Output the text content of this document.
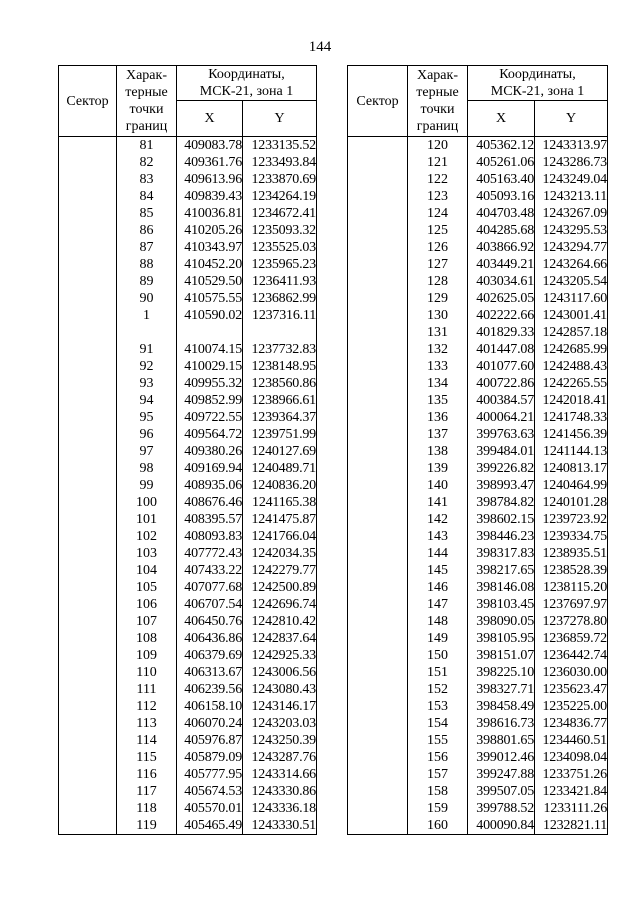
144
Сектор	Харак-
терные
точки
границ	Координаты,
МСК-21, зона 1	
		X	Y
	81	409083.78	1233135.52
	82	409361.76	1233493.84
	83	409613.96	1233870.69
	84	409839.43	1234264.19
	85	410036.81	1234672.41
	86	410205.26	1235093.32
	87	410343.97	1235525.03
	88	410452.20	1235965.23
	89	410529.50	1236411.93
	90	410575.55	1236862.99
	1	410590.02	1237316.11

	91	410074.15	1237732.83
	92	410029.15	1238148.95
	93	409955.32	1238560.86
	94	409852.99	1238966.61
	95	409722.55	1239364.37
	96	409564.72	1239751.99
	97	409380.26	1240127.69
	98	409169.94	1240489.71
	99	408935.06	1240836.20
	100	408676.46	1241165.38
	101	408395.57	1241475.87
	102	408093.83	1241766.04
	103	407772.43	1242034.35
	104	407433.22	1242279.77
	105	407077.68	1242500.89
	106	406707.54	1242696.74
	107	406450.76	1242810.42
	108	406436.86	1242837.64
	109	406379.69	1242925.33
	110	406313.67	1243006.56
	111	406239.56	1243080.43
	112	406158.10	1243146.17
	113	406070.24	1243203.03
	114	405976.87	1243250.39
	115	405879.09	1243287.76
	116	405777.95	1243314.66
	117	405674.53	1243330.86
	118	405570.01	1243336.18
	119	405465.49	1243330.51
Сектор	Харак-
терные
точки
границ	Координаты,
МСК-21, зона 1	
		X	Y
	120	405362.12	1243313.97
	121	405261.06	1243286.73
	122	405163.40	1243249.04
	123	405093.16	1243213.11
	124	404703.48	1243267.09
	125	404285.68	1243295.53
	126	403866.92	1243294.77
	127	403449.21	1243264.66
	128	403034.61	1243205.54
	129	402625.05	1243117.60
	130	402222.66	1243001.41
	131	401829.33	1242857.18
	132	401447.08	1242685.99
	133	401077.60	1242488.43
	134	400722.86	1242265.55
	135	400384.57	1242018.41
	136	400064.21	1241748.33
	137	399763.63	1241456.39
	138	399484.01	1241144.13
	139	399226.82	1240813.17
	140	398993.47	1240464.99
	141	398784.82	1240101.28
	142	398602.15	1239723.92
	143	398446.23	1239334.75
	144	398317.83	1238935.51
	145	398217.65	1238528.39
	146	398146.08	1238115.20
	147	398103.45	1237697.97
	148	398090.05	1237278.80
	149	398105.95	1236859.72
	150	398151.07	1236442.74
	151	398225.10	1236030.00
	152	398327.71	1235623.47
	153	398458.49	1235225.00
	154	398616.73	1234836.77
	155	398801.65	1234460.51
	156	399012.46	1234098.04
	157	399247.88	1233751.26
	158	399507.05	1233421.84
	159	399788.52	1233111.26
	160	400090.84	1232821.11
